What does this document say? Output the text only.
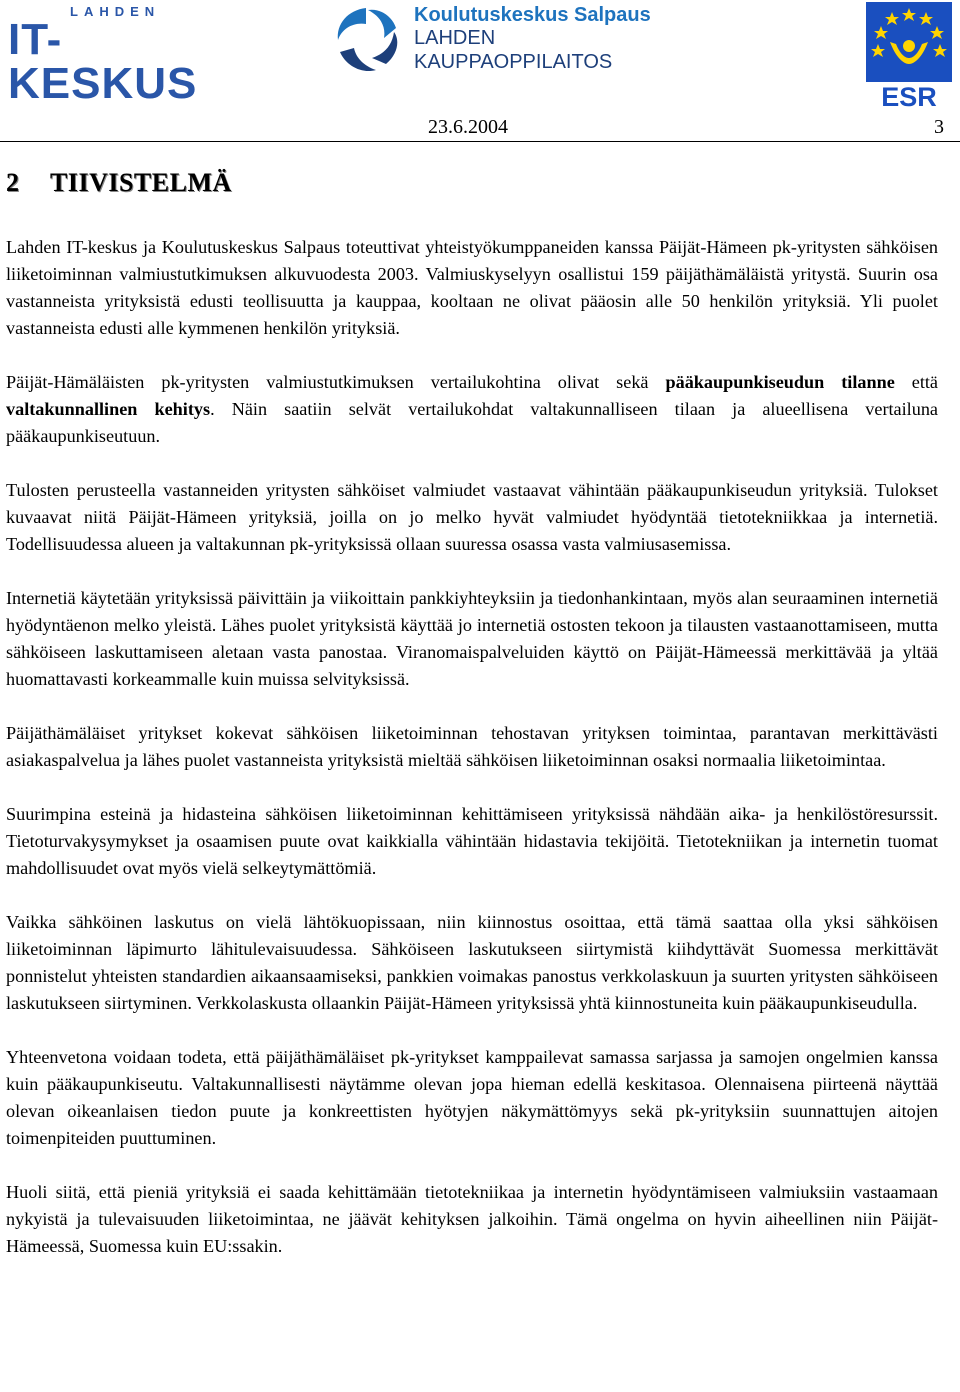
LAHDEN
IT-KESKUS
Koulutuskeskus Salpaus
LAHDEN
KAUPPAOPPILAITOS
ESR
23.6.2004	3
2 TIIVISTELMÄ

Lahden IT-keskus ja Koulutuskeskus Salpaus toteuttivat yhteistyökumppaneiden kanssa Päijät-Hämeen pk-yritysten sähköisen liiketoiminnan valmiustutkimuksen alkuvuodesta 2003. Valmiuskyselyyn osallistui 159 päijäthämäläistä yritystä. Suurin osa vastanneista yrityksistä edusti teollisuutta ja kauppaa, kooltaan ne olivat pääosin alle 50 henkilön yrityksiä. Yli puolet vastanneista edusti alle kymmenen henkilön yrityksiä.

Päijät-Hämäläisten pk-yritysten valmiustutkimuksen vertailukohtina olivat sekä pääkaupunkiseudun tilanne että valtakunnallinen kehitys. Näin saatiin selvät vertailukohdat valtakunnalliseen tilaan ja alueellisena vertailuna pääkaupunkiseutuun.

Tulosten perusteella vastanneiden yritysten sähköiset valmiudet vastaavat vähintään pääkaupunkiseudun yrityksiä. Tulokset kuvaavat niitä Päijät-Hämeen yrityksiä, joilla on jo melko hyvät valmiudet hyödyntää tietotekniikkaa ja internetiä. Todellisuudessa alueen ja valtakunnan pk-yrityksissä ollaan suuressa osassa vasta valmiusasemissa.

Internetiä käytetään yrityksissä päivittäin ja viikoittain pankkiyhteyksiin ja tiedonhankintaan, myös alan seuraaminen internetiä hyödyntäenon melko yleistä. Lähes puolet yrityksistä käyttää jo internetiä ostosten tekoon ja tilausten vastaanottamiseen, mutta sähköiseen laskuttamiseen aletaan vasta panostaa. Viranomaispalveluiden käyttö on Päijät-Hämeessä merkittävää ja yltää huomattavasti korkeammalle kuin muissa selvityksissä.

Päijäthämäläiset yritykset kokevat sähköisen liiketoiminnan tehostavan yrityksen toimintaa, parantavan merkittävästi asiakaspalvelua ja lähes puolet vastanneista yrityksistä mieltää sähköisen liiketoiminnan osaksi normaalia liiketoimintaa.

Suurimpina esteinä ja hidasteina sähköisen liiketoiminnan kehittämiseen yrityksissä nähdään aika- ja henkilöstöresurssit. Tietoturvakysymykset ja osaamisen puute ovat kaikkialla vähintään hidastavia tekijöitä. Tietotekniikan ja internetin tuomat mahdollisuudet ovat myös vielä selkeytymättömiä.

Vaikka sähköinen laskutus on vielä lähtökuopissaan, niin kiinnostus osoittaa, että tämä saattaa olla yksi sähköisen liiketoiminnan läpimurto lähitulevaisuudessa. Sähköiseen laskutukseen siirtymistä kiihdyttävät Suomessa merkittävät ponnistelut yhteisten standardien aikaansaamiseksi, pankkien voimakas panostus verkkolaskuun ja suurten yritysten sähköiseen laskutukseen siirtyminen. Verkkolaskusta ollaankin Päijät-Hämeen yrityksissä yhtä kiinnostuneita kuin pääkaupunkiseudulla.

Yhteenvetona voidaan todeta, että päijäthämäläiset pk-yritykset kamppailevat samassa sarjassa ja samojen ongelmien kanssa kuin pääkaupunkiseutu. Valtakunnallisesti näytämme olevan jopa hieman edellä keskitasoa. Olennaisena piirteenä näyttää olevan oikeanlaisen tiedon puute ja konkreettisten hyötyjen näkymättömyys sekä pk-yrityksiin suunnattujen aitojen toimenpiteiden puuttuminen.

Huoli siitä, että pieniä yrityksiä ei saada kehittämään tietotekniikaa ja internetin hyödyntämiseen valmiuksiin vastaamaan nykyistä ja tulevaisuuden liiketoimintaa, ne jäävät kehityksen jalkoihin. Tämä ongelma on hyvin aiheellinen niin Päijät-Hämeessä, Suomessa kuin EU:ssakin.
